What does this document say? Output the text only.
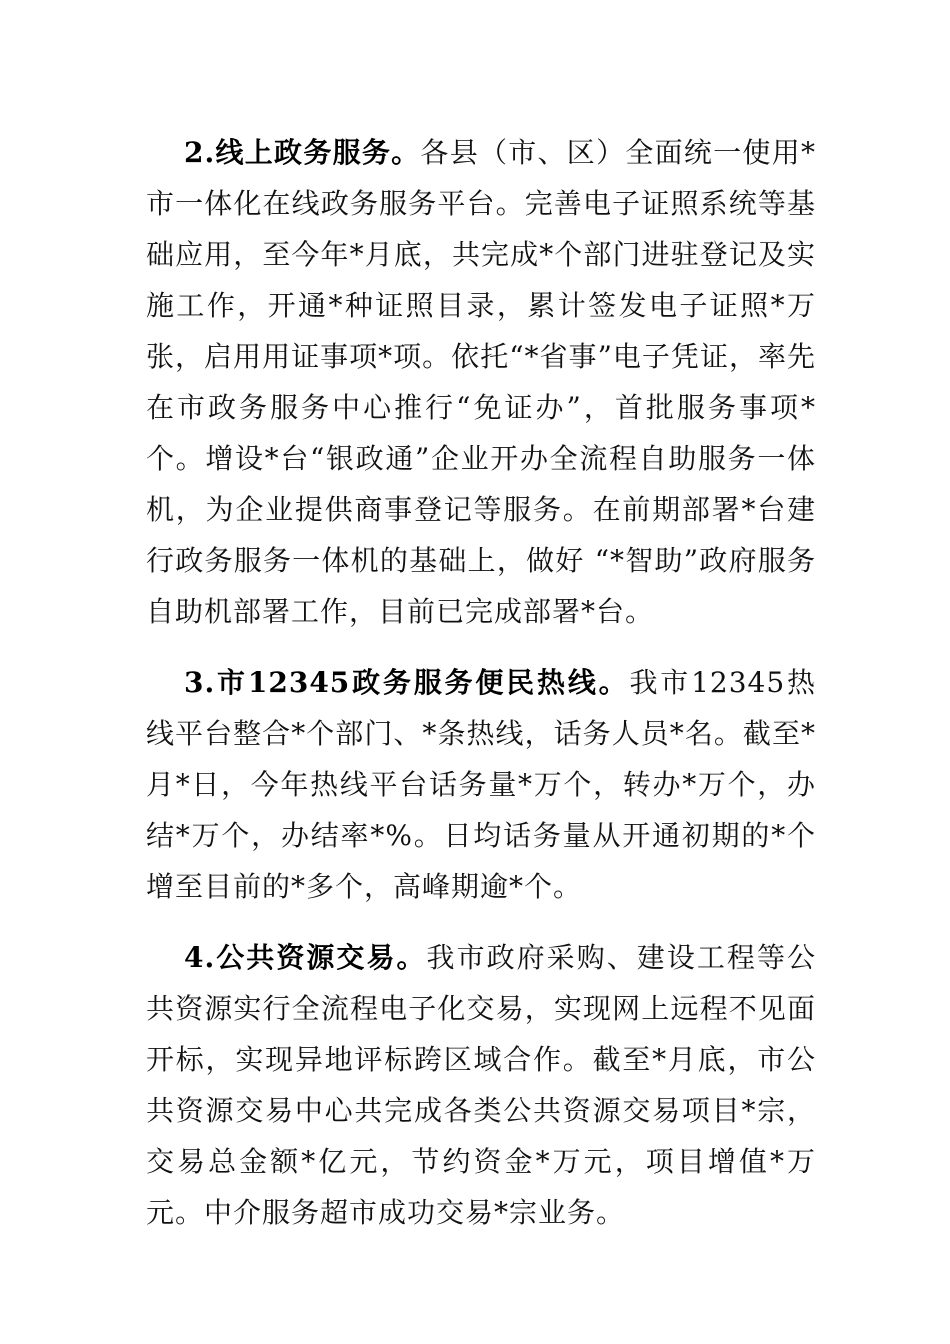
2.线上政务服务。各县（市、区）全面统一使用*市一体化在线政务服务平台。完善电子证照系统等基础应用，至今年*月底，共完成*个部门进驻登记及实施工作，开通*种证照目录，累计签发电子证照*万张，启用用证事项*项。依托“*省事”电子凭证，率先在市政务服务中心推行“免证办”，首批服务事项*个。增设*台“银政通”企业开办全流程自助服务一体机，为企业提供商事登记等服务。在前期部署*台建行政务服务一体机的基础上，做好 “*智助”政府服务自助机部署工作，目前已完成部署*台。

3.市12345政务服务便民热线。我市12345热线平台整合*个部门、*条热线，话务人员*名。截至*月*日，今年热线平台话务量*万个，转办*万个，办结*万个，办结率*%。日均话务量从开通初期的*个增至目前的*多个，高峰期逾*个。

4.公共资源交易。我市政府采购、建设工程等公共资源实行全流程电子化交易，实现网上远程不见面开标，实现异地评标跨区域合作。截至*月底，市公共资源交易中心共完成各类公共资源交易项目*宗，交易总金额*亿元，节约资金*万元，项目增值*万元。中介服务超市成功交易*宗业务。
